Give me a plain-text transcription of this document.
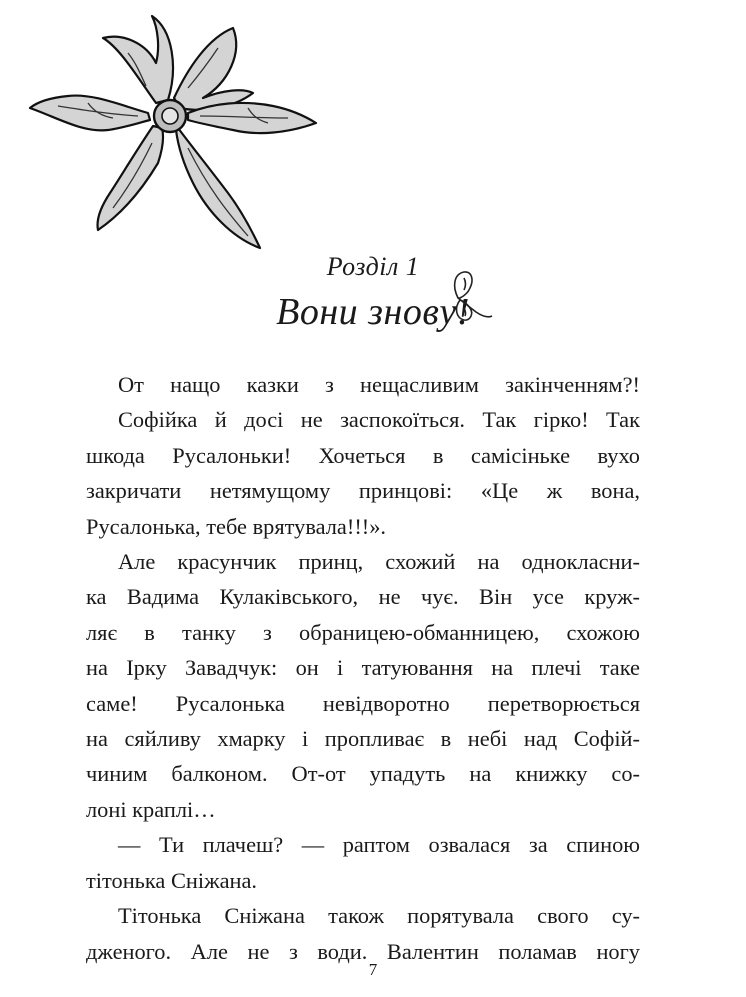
Розділ 1
Вони знову!
От нащо казки з нещасливим закінченням?!
Софійка й досі не заспокоїться. Так гірко! Так
шкода Русалоньки! Хочеться в самісіньке вухо
закричати нетямущому принцові: «Це ж вона,
Русалонька, тебе врятувала!!!».
Але красунчик принц, схожий на однокласни-
ка Вадима Кулаківського, не чує. Він усе круж-
ляє в танку з обраницею-обманницею, схожою
на Ірку Завадчук: он і татуювання на плечі таке
саме! Русалонька невідворотно перетворюється
на сяйливу хмарку і пропливає в небі над Софій-
чиним балконом. От-от упадуть на книжку со-
лоні краплі…
— Ти плачеш? — раптом озвалася за спиною
тітонька Сніжана.
Тітонька Сніжана також порятувала свого су-
дженого. Але не з води. Валентин поламав ногу
7
